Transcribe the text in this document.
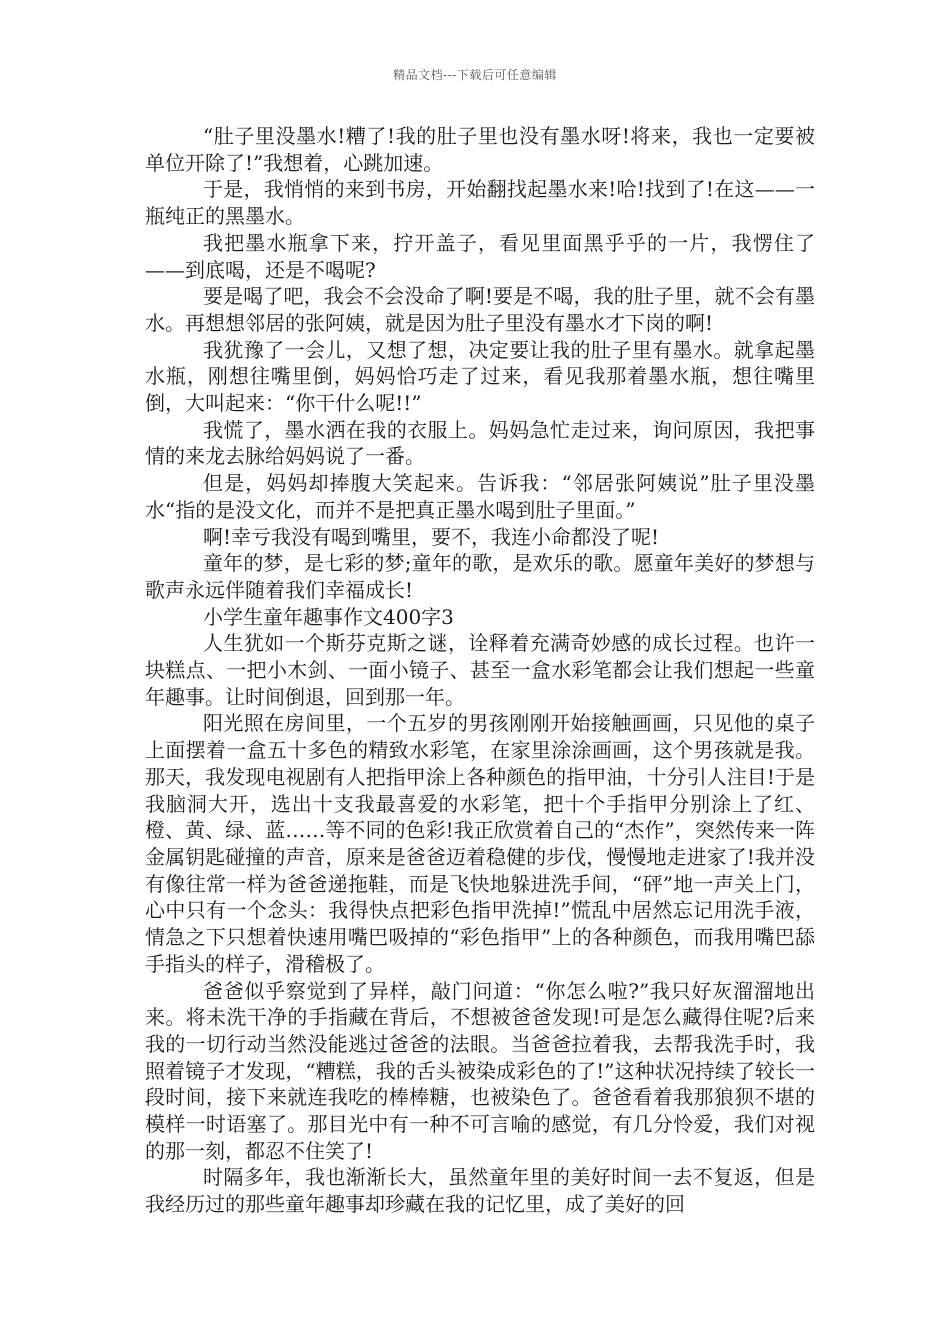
精品文档---下载后可任意编辑

“肚子里没墨水!糟了!我的肚子里也没有墨水呀!将来，我也一定要被单位开除了!”我想着，心跳加速。

于是，我悄悄的来到书房，开始翻找起墨水来!哈!找到了!在这——一瓶纯正的黑墨水。

我把墨水瓶拿下来，拧开盖子，看见里面黑乎乎的一片，我愣住了——到底喝，还是不喝呢?

要是喝了吧，我会不会没命了啊!要是不喝，我的肚子里，就不会有墨水。再想想邻居的张阿姨，就是因为肚子里没有墨水才下岗的啊!

我犹豫了一会儿，又想了想，决定要让我的肚子里有墨水。就拿起墨水瓶，刚想往嘴里倒，妈妈恰巧走了过来，看见我那着墨水瓶，想往嘴里倒，大叫起来：“你干什么呢!!”

我慌了，墨水洒在我的衣服上。妈妈急忙走过来，询问原因，我把事情的来龙去脉给妈妈说了一番。

但是，妈妈却捧腹大笑起来。告诉我：“邻居张阿姨说”肚子里没墨水“指的是没文化，而并不是把真正墨水喝到肚子里面。”

啊!幸亏我没有喝到嘴里，要不，我连小命都没了呢!

童年的梦，是七彩的梦;童年的歌，是欢乐的歌。愿童年美好的梦想与歌声永远伴随着我们幸福成长!

小学生童年趣事作文400字3

人生犹如一个斯芬克斯之谜，诠释着充满奇妙感的成长过程。也许一块糕点、一把小木剑、一面小镜子、甚至一盒水彩笔都会让我们想起一些童年趣事。让时间倒退，回到那一年。

阳光照在房间里，一个五岁的男孩刚刚开始接触画画，只见他的桌子上面摆着一盒五十多色的精致水彩笔，在家里涂涂画画，这个男孩就是我。那天，我发现电视剧有人把指甲涂上各种颜色的指甲油，十分引人注目!于是我脑洞大开，选出十支我最喜爱的水彩笔，把十个手指甲分别涂上了红、橙、黄、绿、蓝……等不同的色彩!我正欣赏着自己的“杰作”，突然传来一阵金属钥匙碰撞的声音，原来是爸爸迈着稳健的步伐，慢慢地走进家了!我并没有像往常一样为爸爸递拖鞋，而是飞快地躲进洗手间，“砰”地一声关上门，心中只有一个念头：我得快点把彩色指甲洗掉!”慌乱中居然忘记用洗手液，情急之下只想着快速用嘴巴吸掉的“彩色指甲”上的各种颜色，而我用嘴巴舔手指头的样子，滑稽极了。

爸爸似乎察觉到了异样，敲门问道：“你怎么啦?”我只好灰溜溜地出来。将未洗干净的手指藏在背后，不想被爸爸发现!可是怎么藏得住呢?后来我的一切行动当然没能逃过爸爸的法眼。当爸爸拉着我，去帮我洗手时，我照着镜子才发现，“糟糕，我的舌头被染成彩色的了!”这种状况持续了较长一段时间，接下来就连我吃的棒棒糖，也被染色了。爸爸看着我那狼狈不堪的模样一时语塞了。那目光中有一种不可言喻的感觉，有几分怜爱，我们对视的那一刻，都忍不住笑了!

时隔多年，我也渐渐长大，虽然童年里的美好时间一去不复返，但是我经历过的那些童年趣事却珍藏在我的记忆里，成了美好的回
